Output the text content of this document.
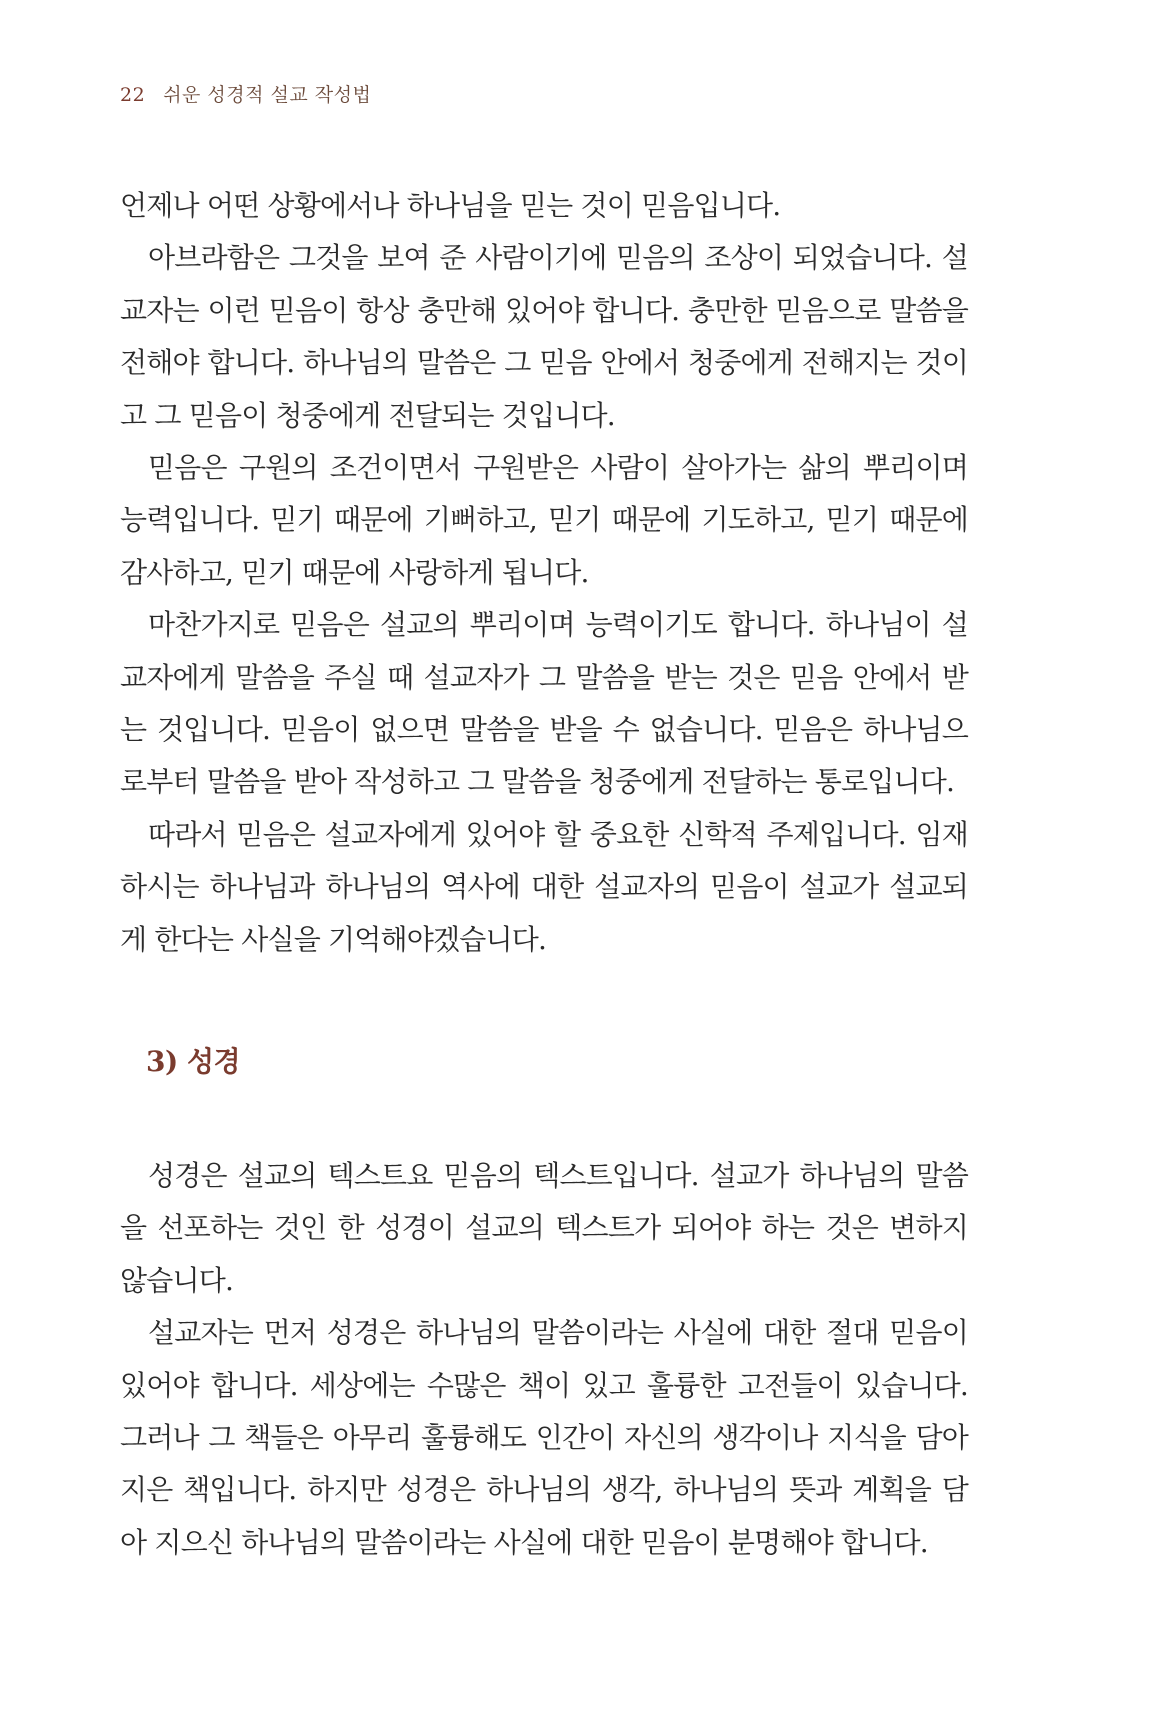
22 쉬운 성경적 설교 작성법

언제나 어떤 상황에서나 하나님을 믿는 것이 믿음입니다.

아브라함은 그것을 보여 준 사람이기에 믿음의 조상이 되었습니다. 설교자는 이런 믿음이 항상 충만해 있어야 합니다. 충만한 믿음으로 말씀을 전해야 합니다. 하나님의 말씀은 그 믿음 안에서 청중에게 전해지는 것이고 그 믿음이 청중에게 전달되는 것입니다.

믿음은 구원의 조건이면서 구원받은 사람이 살아가는 삶의 뿌리이며 능력입니다. 믿기 때문에 기뻐하고, 믿기 때문에 기도하고, 믿기 때문에 감사하고, 믿기 때문에 사랑하게 됩니다.

마찬가지로 믿음은 설교의 뿌리이며 능력이기도 합니다. 하나님이 설교자에게 말씀을 주실 때 설교자가 그 말씀을 받는 것은 믿음 안에서 받는 것입니다. 믿음이 없으면 말씀을 받을 수 없습니다. 믿음은 하나님으로부터 말씀을 받아 작성하고 그 말씀을 청중에게 전달하는 통로입니다.

따라서 믿음은 설교자에게 있어야 할 중요한 신학적 주제입니다. 임재하시는 하나님과 하나님의 역사에 대한 설교자의 믿음이 설교가 설교되게 한다는 사실을 기억해야겠습니다.

3) 성경

성경은 설교의 텍스트요 믿음의 텍스트입니다. 설교가 하나님의 말씀을 선포하는 것인 한 성경이 설교의 텍스트가 되어야 하는 것은 변하지 않습니다.

설교자는 먼저 성경은 하나님의 말씀이라는 사실에 대한 절대 믿음이 있어야 합니다. 세상에는 수많은 책이 있고 훌륭한 고전들이 있습니다. 그러나 그 책들은 아무리 훌륭해도 인간이 자신의 생각이나 지식을 담아 지은 책입니다. 하지만 성경은 하나님의 생각, 하나님의 뜻과 계획을 담아 지으신 하나님의 말씀이라는 사실에 대한 믿음이 분명해야 합니다.
